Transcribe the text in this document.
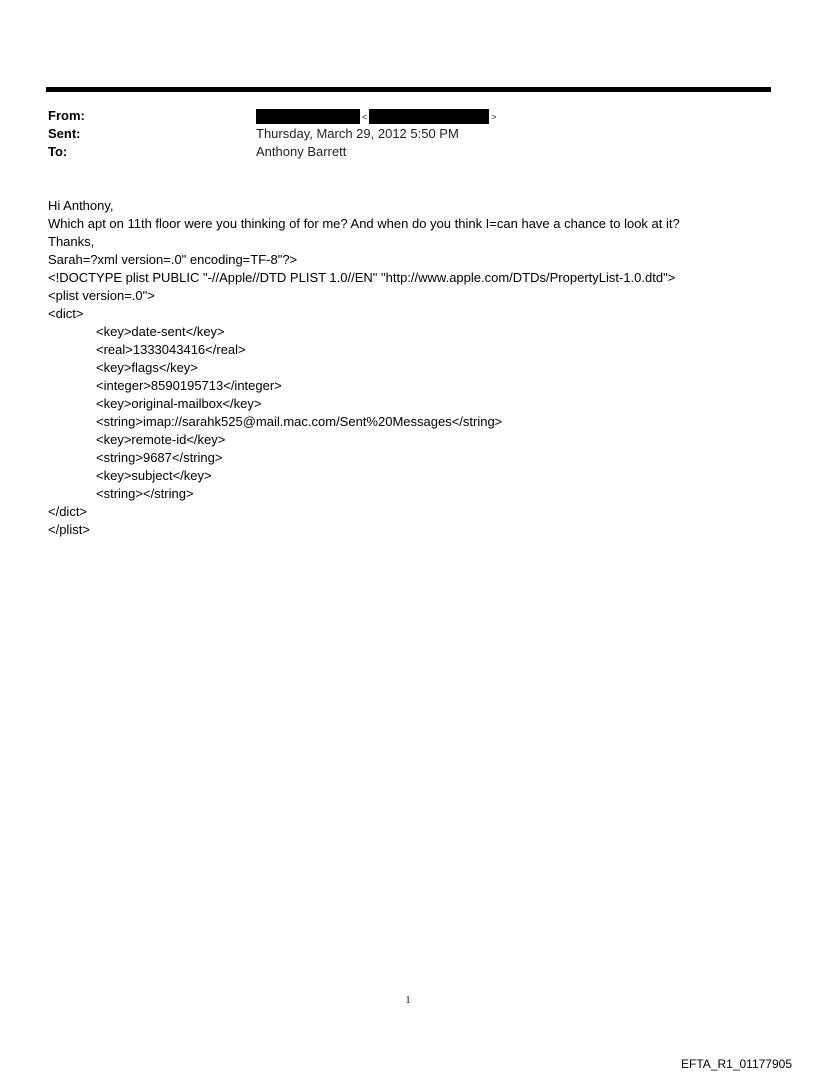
From:	<	>
Sent:	Thursday, March 29, 2012 5:50 PM
To:	Anthony Barrett
Hi Anthony,
Which apt on 11th floor were you thinking of for me? And when do you think I=can have a chance to look at it?
Thanks,
Sarah=?xml version=.0" encoding=TF-8"?>
<!DOCTYPE plist PUBLIC "-//Apple//DTD PLIST 1.0//EN" "http://www.apple.com/DTDs/PropertyList-1.0.dtd">
<plist version=.0">
<dict>
<key>date-sent</key>
<real>1333043416</real>
<key>flags</key>
<integer>8590195713</integer>
<key>original-mailbox</key>
<string>imap://sarahk525@mail.mac.com/Sent%20Messages</string>
<key>remote-id</key>
<string>9687</string>
<key>subject</key>
<string></string>
</dict>
</plist>
1
EFTA_R1_01177905
